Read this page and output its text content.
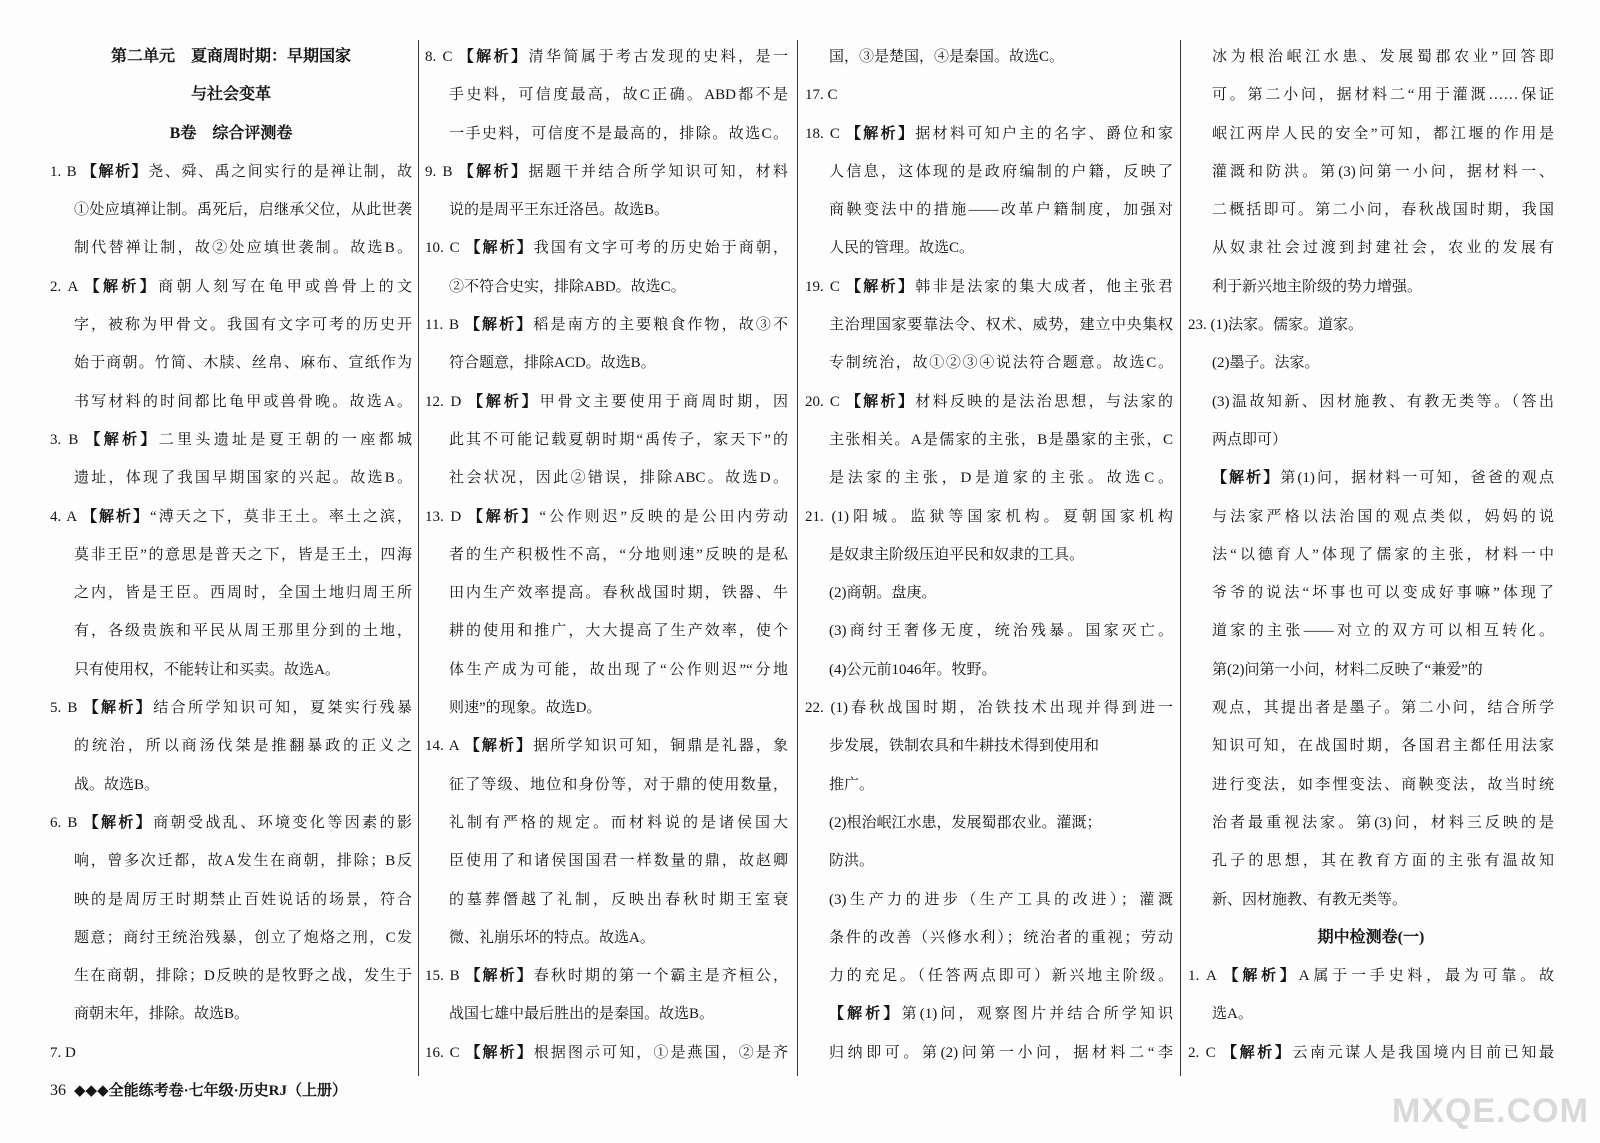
第二单元　夏商周时期：早期国家
与社会变革
B卷　综合评测卷
1. B 【解析】尧、舜、禹之间实行的是禅让制，故
①处应填禅让制。禹死后，启继承父位，从此世袭
制代替禅让制，故②处应填世袭制。故选B。
2. A 【解析】商朝人刻写在龟甲或兽骨上的文
字，被称为甲骨文。我国有文字可考的历史开
始于商朝。竹简、木牍、丝帛、麻布、宣纸作为
书写材料的时间都比龟甲或兽骨晚。故选A。
3. B 【解析】二里头遗址是夏王朝的一座都城
遗址，体现了我国早期国家的兴起。故选B。
4. A 【解析】“溥天之下，莫非王土。率土之滨，
莫非王臣”的意思是普天之下，皆是王土，四海
之内，皆是王臣。西周时，全国土地归周王所
有，各级贵族和平民从周王那里分到的土地，
只有使用权，不能转让和买卖。故选A。
5. B 【解析】结合所学知识可知，夏桀实行残暴
的统治，所以商汤伐桀是推翻暴政的正义之
战。故选B。
6. B 【解析】商朝受战乱、环境变化等因素的影
响，曾多次迁都，故A发生在商朝，排除；B反
映的是周厉王时期禁止百姓说话的场景，符合
题意；商纣王统治残暴，创立了炮烙之刑，C发
生在商朝，排除；D反映的是牧野之战，发生于
商朝末年，排除。故选B。
7. D
8. C 【解析】清华简属于考古发现的史料，是一
手史料，可信度最高，故C正确。ABD都不是
一手史料，可信度不是最高的，排除。故选C。
9. B 【解析】据题干并结合所学知识可知，材料
说的是周平王东迁洛邑。故选B。
10. C 【解析】我国有文字可考的历史始于商朝，
②不符合史实，排除ABD。故选C。
11. B 【解析】稻是南方的主要粮食作物，故③不
符合题意，排除ACD。故选B。
12. D 【解析】甲骨文主要使用于商周时期，因
此其不可能记载夏朝时期“禹传子，家天下”的
社会状况，因此②错误，排除ABC。故选D。
13. D 【解析】“公作则迟”反映的是公田内劳动
者的生产积极性不高，“分地则速”反映的是私
田内生产效率提高。春秋战国时期，铁器、牛
耕的使用和推广，大大提高了生产效率，使个
体生产成为可能，故出现了“公作则迟”“分地
则速”的现象。故选D。
14. A 【解析】据所学知识可知，铜鼎是礼器，象
征了等级、地位和身份等，对于鼎的使用数量，
礼制有严格的规定。而材料说的是诸侯国大
臣使用了和诸侯国国君一样数量的鼎，故赵卿
的墓葬僭越了礼制，反映出春秋时期王室衰
微、礼崩乐坏的特点。故选A。
15. B 【解析】春秋时期的第一个霸主是齐桓公，
战国七雄中最后胜出的是秦国。故选B。
16. C 【解析】根据图示可知，①是燕国，②是齐
国，③是楚国，④是秦国。故选C。
17. C
18. C 【解析】据材料可知户主的名字、爵位和家
人信息，这体现的是政府编制的户籍，反映了
商鞅变法中的措施——改革户籍制度，加强对
人民的管理。故选C。
19. C 【解析】韩非是法家的集大成者，他主张君
主治理国家要靠法令、权术、威势，建立中央集权
专制统治，故①②③④说法符合题意。故选C。
20. C 【解析】材料反映的是法治思想，与法家的
主张相关。A是儒家的主张，B是墨家的主张，C
是法家的主张，D是道家的主张。故选C。
21. (1)阳城。监狱等国家机构。夏朝国家机构
是奴隶主阶级压迫平民和奴隶的工具。
(2)商朝。盘庚。
(3)商纣王奢侈无度，统治残暴。国家灭亡。
(4)公元前1046年。牧野。
22. (1)春秋战国时期，冶铁技术出现并得到进一
步发展，铁制农具和牛耕技术得到使用和
推广。
(2)根治岷江水患，发展蜀郡农业。灌溉；
防洪。
(3)生产力的进步（生产工具的改进）；灌溉
条件的改善（兴修水利）；统治者的重视；劳动
力的充足。（任答两点即可）新兴地主阶级。
【解析】第(1)问，观察图片并结合所学知识
归纳即可。第(2)问第一小问，据材料二“李
冰为根治岷江水患、发展蜀郡农业”回答即
可。第二小问，据材料二“用于灌溉……保证
岷江两岸人民的安全”可知，都江堰的作用是
灌溉和防洪。第(3)问第一小问，据材料一、
二概括即可。第二小问，春秋战国时期，我国
从奴隶社会过渡到封建社会，农业的发展有
利于新兴地主阶级的势力增强。
23. (1)法家。儒家。道家。
(2)墨子。法家。
(3)温故知新、因材施教、有教无类等。（答出
两点即可）
【解析】第(1)问，据材料一可知，爸爸的观点
与法家严格以法治国的观点类似，妈妈的说
法“以德育人”体现了儒家的主张，材料一中
爷爷的说法“坏事也可以变成好事嘛”体现了
道家的主张——对立的双方可以相互转化。
第(2)问第一小问，材料二反映了“兼爱”的
观点，其提出者是墨子。第二小问，结合所学
知识可知，在战国时期，各国君主都任用法家
进行变法，如李悝变法、商鞅变法，故当时统
治者最重视法家。第(3)问，材料三反映的是
孔子的思想，其在教育方面的主张有温故知
新、因材施教、有教无类等。
期中检测卷(一)
1. A 【解析】A属于一手史料，最为可靠。故
选A。
2. C 【解析】云南元谋人是我国境内目前已知最
36 ◆◆◆全能练考卷·七年级·历史RJ（上册）
MXQE.COM
